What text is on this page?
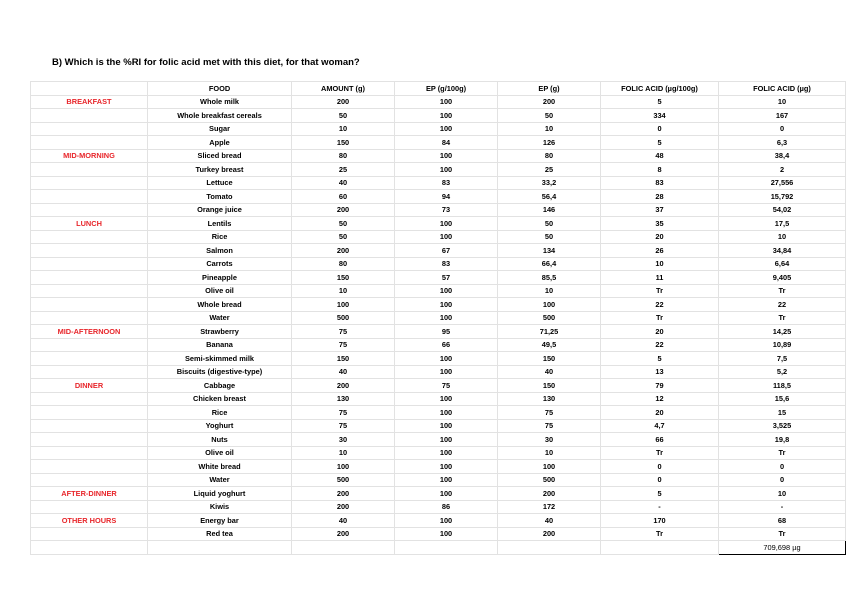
B) Which is the %RI for folic acid met with this diet, for that woman?
	FOOD	AMOUNT (g)	EP (g/100g)	EP (g)	FOLIC ACID (µg/100g)	FOLIC ACID (µg)
BREAKFAST	Whole milk	200	100	200	5	10
	Whole breakfast cereals	50	100	50	334	167
	Sugar	10	100	10	0	0
	Apple	150	84	126	5	6,3
MID-MORNING	Sliced bread	80	100	80	48	38,4
	Turkey breast	25	100	25	8	2
	Lettuce	40	83	33,2	83	27,556
	Tomato	60	94	56,4	28	15,792
	Orange juice	200	73	146	37	54,02
LUNCH	Lentils	50	100	50	35	17,5
	Rice	50	100	50	20	10
	Salmon	200	67	134	26	34,84
	Carrots	80	83	66,4	10	6,64
	Pineapple	150	57	85,5	11	9,405
	Olive oil	10	100	10	Tr	Tr
	Whole bread	100	100	100	22	22
	Water	500	100	500	Tr	Tr
MID-AFTERNOON	Strawberry	75	95	71,25	20	14,25
	Banana	75	66	49,5	22	10,89
	Semi-skimmed milk	150	100	150	5	7,5
	Biscuits (digestive-type)	40	100	40	13	5,2
DINNER	Cabbage	200	75	150	79	118,5
	Chicken breast	130	100	130	12	15,6
	Rice	75	100	75	20	15
	Yoghurt	75	100	75	4,7	3,525
	Nuts	30	100	30	66	19,8
	Olive oil	10	100	10	Tr	Tr
	White bread	100	100	100	0	0
	Water	500	100	500	0	0
AFTER-DINNER	Liquid yoghurt	200	100	200	5	10
	Kiwis	200	86	172	-	-
OTHER HOURS	Energy bar	40	100	40	170	68
	Red tea	200	100	200	Tr	Tr
						709,698 µg
